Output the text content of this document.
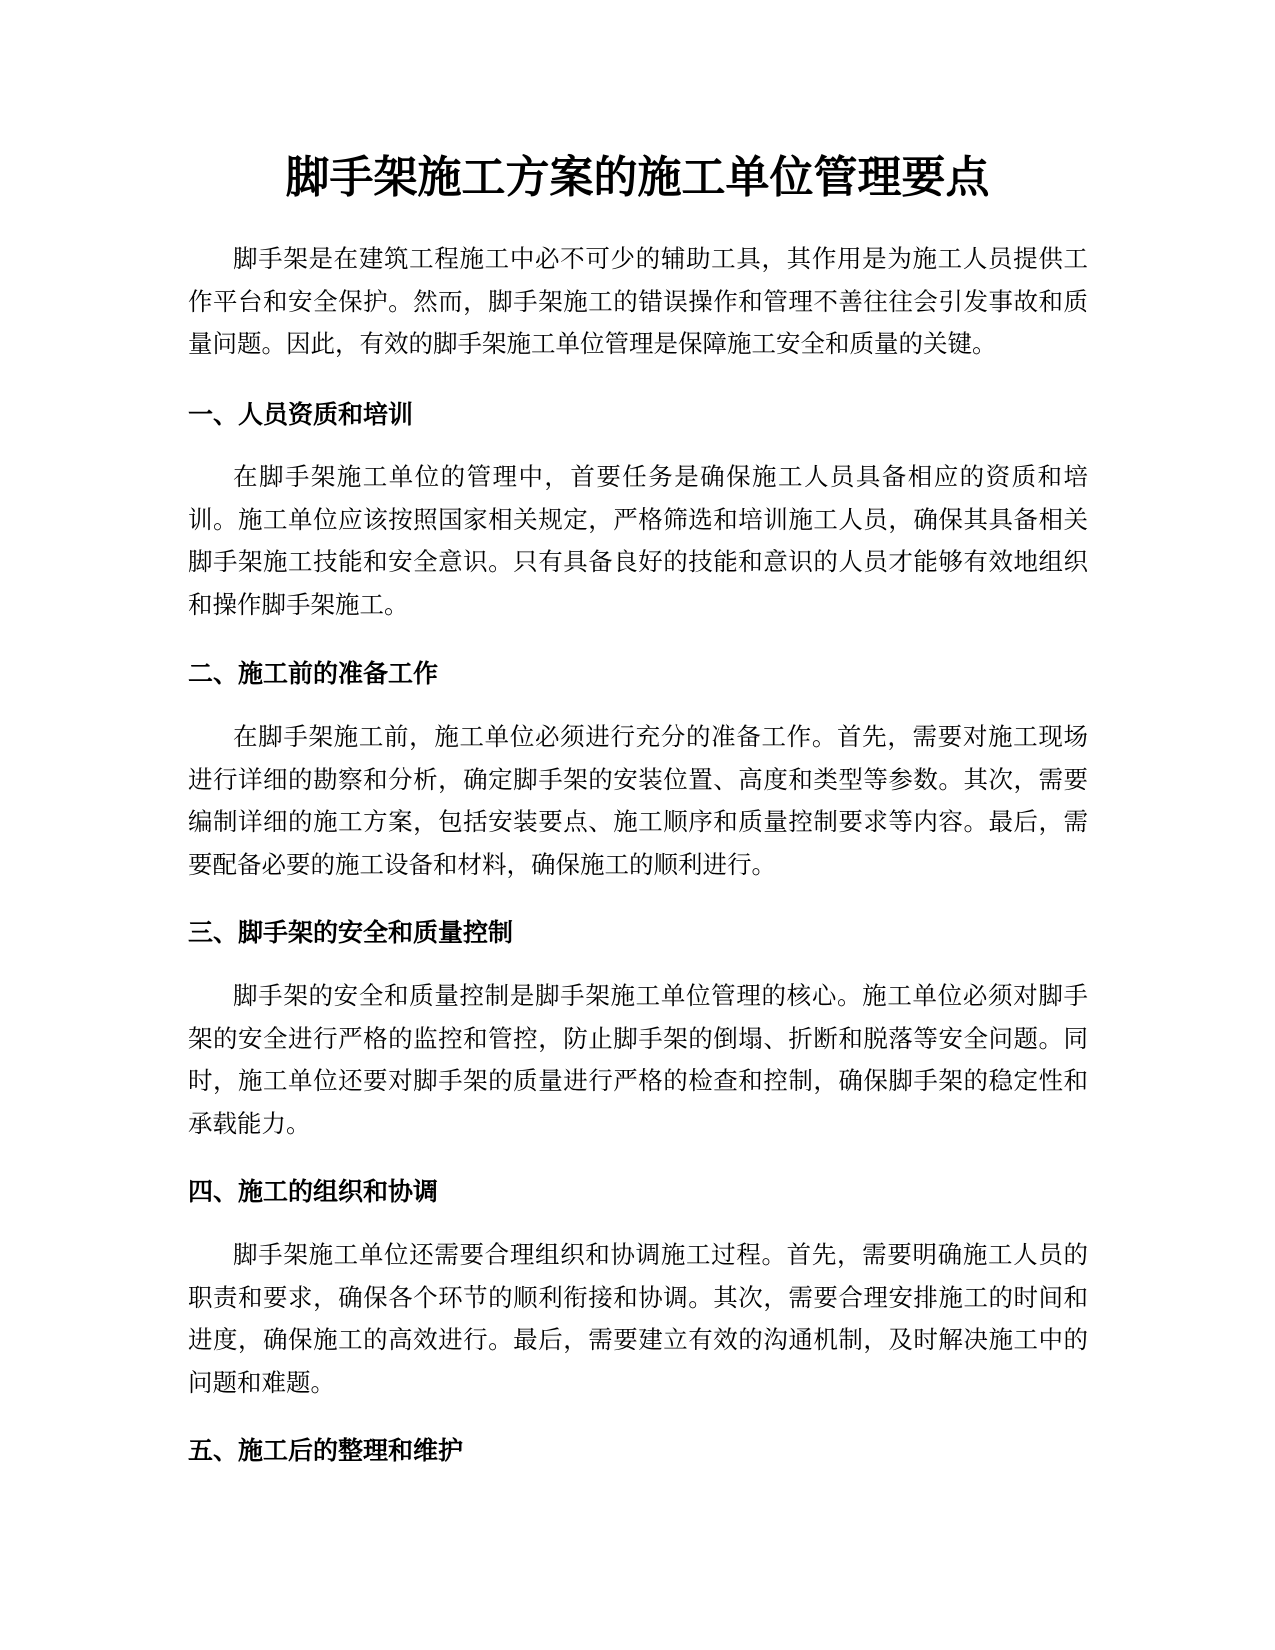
脚手架施工方案的施工单位管理要点

脚手架是在建筑工程施工中必不可少的辅助工具，其作用是为施工人员提供工作平台和安全保护。然而，脚手架施工的错误操作和管理不善往往会引发事故和质量问题。因此，有效的脚手架施工单位管理是保障施工安全和质量的关键。

一、人员资质和培训

在脚手架施工单位的管理中，首要任务是确保施工人员具备相应的资质和培训。施工单位应该按照国家相关规定，严格筛选和培训施工人员，确保其具备相关脚手架施工技能和安全意识。只有具备良好的技能和意识的人员才能够有效地组织和操作脚手架施工。

二、施工前的准备工作

在脚手架施工前，施工单位必须进行充分的准备工作。首先，需要对施工现场进行详细的勘察和分析，确定脚手架的安装位置、高度和类型等参数。其次，需要编制详细的施工方案，包括安装要点、施工顺序和质量控制要求等内容。最后，需要配备必要的施工设备和材料，确保施工的顺利进行。

三、脚手架的安全和质量控制

脚手架的安全和质量控制是脚手架施工单位管理的核心。施工单位必须对脚手架的安全进行严格的监控和管控，防止脚手架的倒塌、折断和脱落等安全问题。同时，施工单位还要对脚手架的质量进行严格的检查和控制，确保脚手架的稳定性和承载能力。

四、施工的组织和协调

脚手架施工单位还需要合理组织和协调施工过程。首先，需要明确施工人员的职责和要求，确保各个环节的顺利衔接和协调。其次，需要合理安排施工的时间和进度，确保施工的高效进行。最后，需要建立有效的沟通机制，及时解决施工中的问题和难题。

五、施工后的整理和维护
